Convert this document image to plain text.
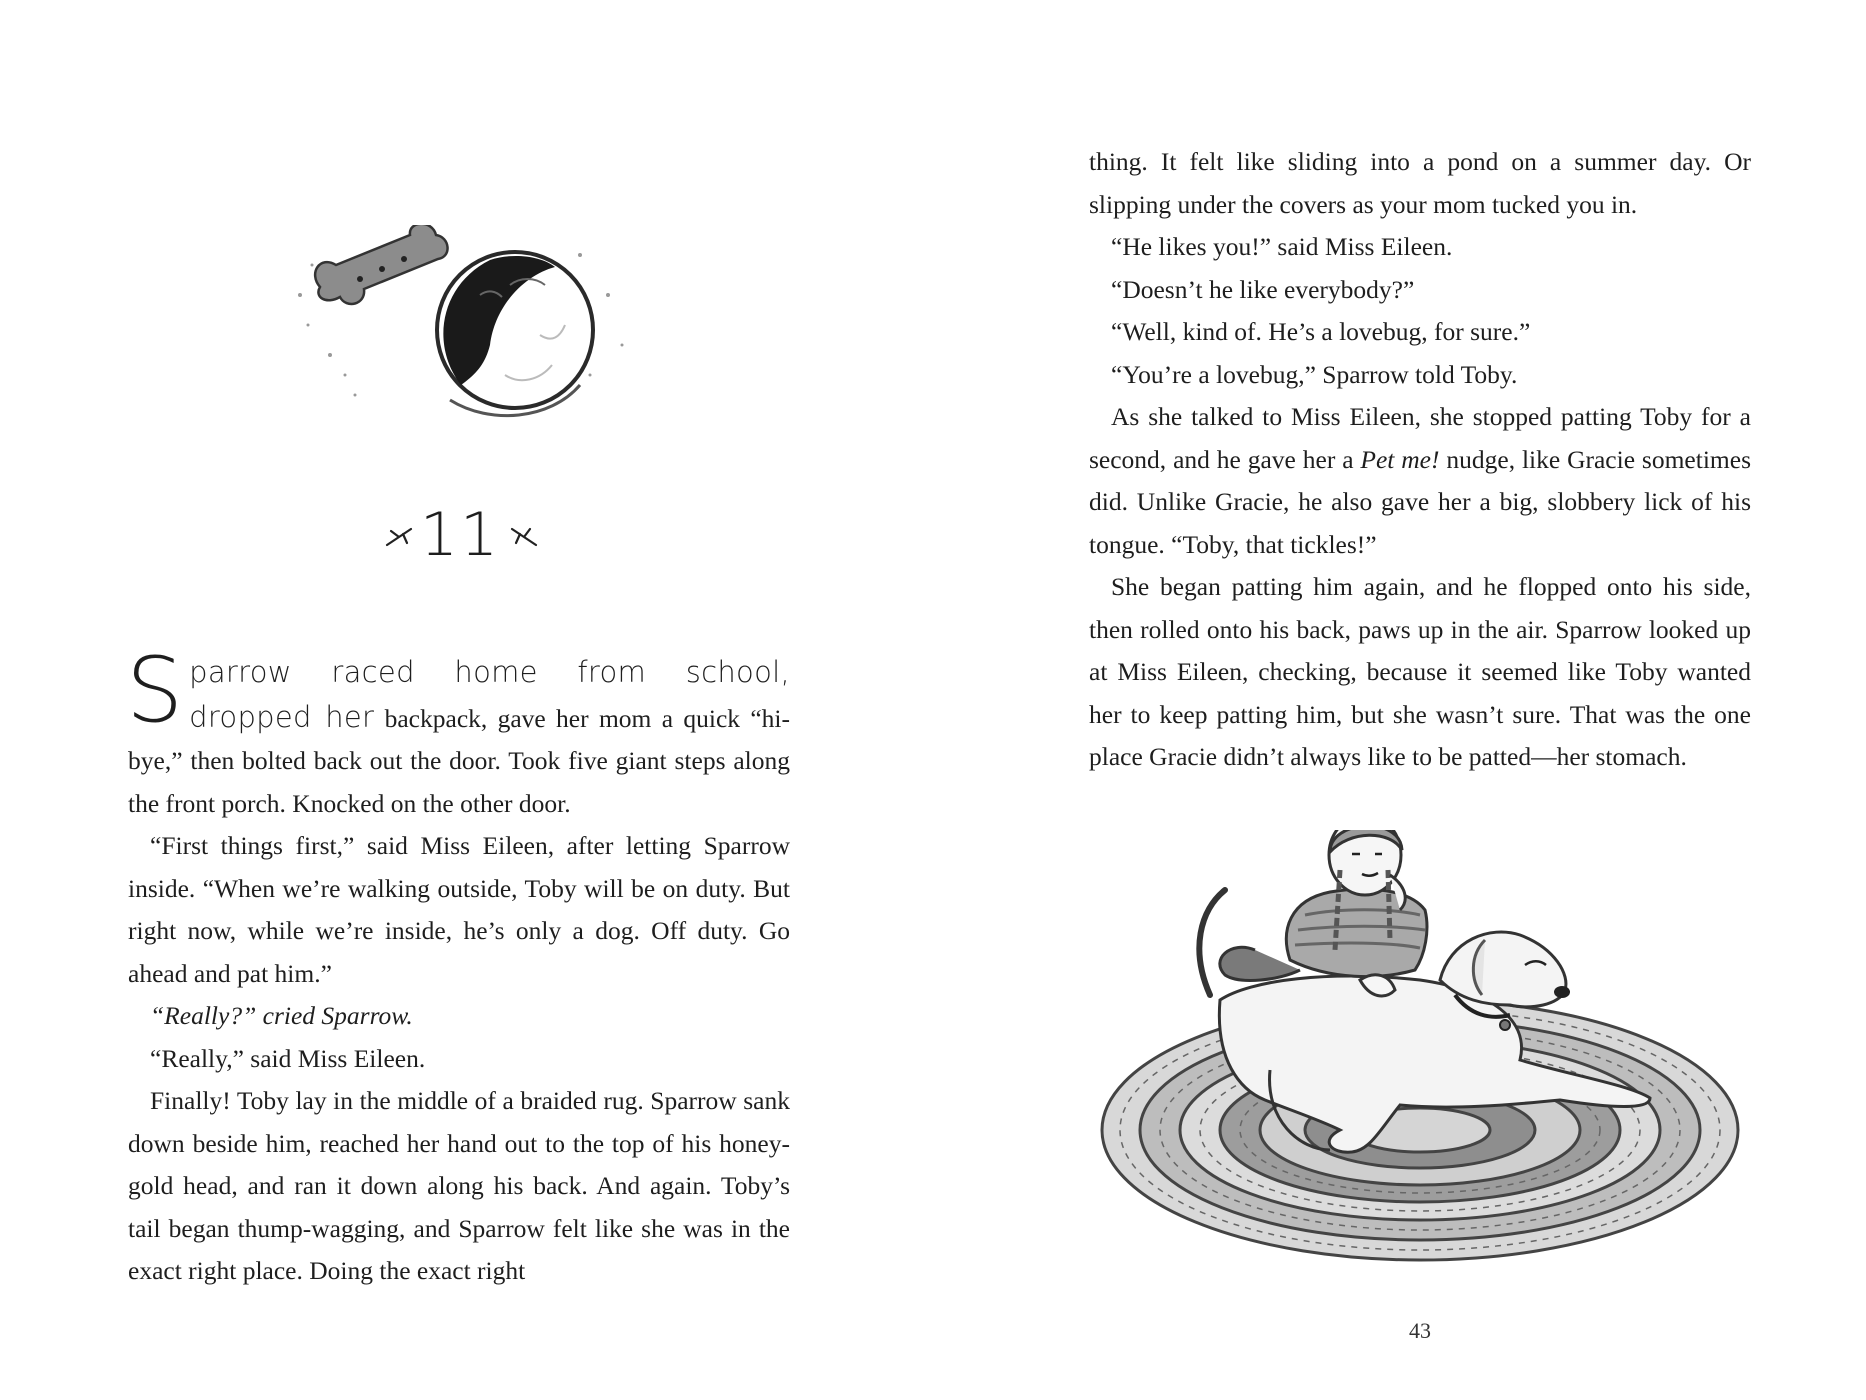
11

Sparrow raced home from school, dropped her backpack, gave her mom a quick “hi-bye,” then bolted back out the door. Took five giant steps along the front porch. Knocked on the other door.

“First things first,” said Miss Eileen, after letting Sparrow inside. “When we’re walking outside, Toby will be on duty. But right now, while we’re inside, he’s only a dog. Off duty. Go ahead and pat him.”

“Really?” cried Sparrow.

“Really,” said Miss Eileen.

Finally! Toby lay in the middle of a braided rug. Sparrow sank down beside him, reached her hand out to the top of his honey-gold head, and ran it down along his back. And again. Toby’s tail began thump-wagging, and Sparrow felt like she was in the exact right place. Doing the exact right

thing. It felt like sliding into a pond on a summer day. Or slipping under the covers as your mom tucked you in.

“He likes you!” said Miss Eileen.

“Doesn’t he like everybody?”

“Well, kind of. He’s a lovebug, for sure.”

“You’re a lovebug,” Sparrow told Toby.

As she talked to Miss Eileen, she stopped patting Toby for a second, and he gave her a Pet me! nudge, like Gracie sometimes did. Unlike Gracie, he also gave her a big, slobbery lick of his tongue. “Toby, that tickles!”

She began patting him again, and he flopped onto his side, then rolled onto his back, paws up in the air. Sparrow looked up at Miss Eileen, checking, because it seemed like Toby wanted her to keep patting him, but she wasn’t sure. That was the one place Gracie didn’t always like to be patted—her stomach.

43
